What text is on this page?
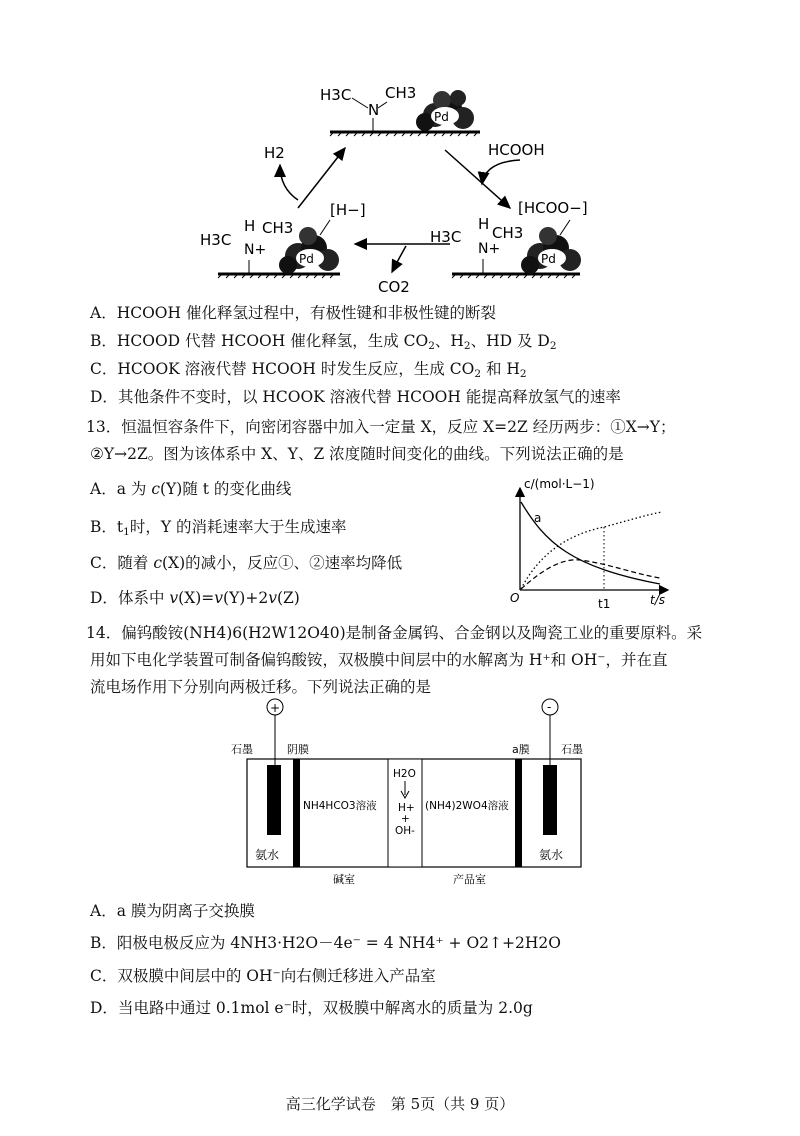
H3C CH3
N	Pd
H
H3C
CH3
N+
[H−]
Pd
H
H3C CH3
N+
[HCOO−]
Pd
H2	HCOOH
CO2
A．HCOOH 催化释氢过程中，有极性键和非极性键的断裂
B．HCOOD 代替 HCOOH 催化释氢，生成 $CO_2$、$H_2$、HD 及 $D_2$
C．HCOOK 溶液代替 HCOOH 时发生反应，生成 $CO_2$ 和 $H_2$
D．其他条件不变时，以 HCOOK 溶液代替 HCOOH 能提高释放氢气的速率
13．恒温恒容条件下，向密闭容器中加入一定量 X，反应 X=2Z 经历两步：①X→Y；
②Y→2Z。图为该体系中 X、Y、Z 浓度随时间变化的曲线。下列说法正确的是
A．a 为 c(Y)随 t 的变化曲线
B．$t_1$时，Y 的消耗速率大于生成速率
C．随着 c(X)的减小，反应①、②速率均降低
D．体系中 v(X)=v(Y)+2v(Z)
c/(mol·L−1)
O	t1	t/s
a
14．偏钨酸铵(NH4)6(H2W12O40)是制备金属钨、合金钢以及陶瓷工业的重要原料。采
用如下电化学装置可制备偏钨酸铵，双极膜中间层中的水解离为 H⁺和 OH⁻，并在直
流电场作用下分别向两极迁移。下列说法正确的是
+	-
石墨	阴膜	a膜	石墨
NH4HCO3溶液	(NH4)2WO4溶液
H2O
H+
+
OH-
氨水	氨水
碱室	产品室
A．a 膜为阴离子交换膜
B．阳极电极反应为 4NH3·H2O－4e⁻ = 4 NH4⁺ + O2↑+2H2O
C．双极膜中间层中的 OH⁻向右侧迁移进入产品室
D．当电路中通过 0.1mol e⁻时，双极膜中解离水的质量为 2.0g
高三化学试卷　第 5页（共 9 页）
